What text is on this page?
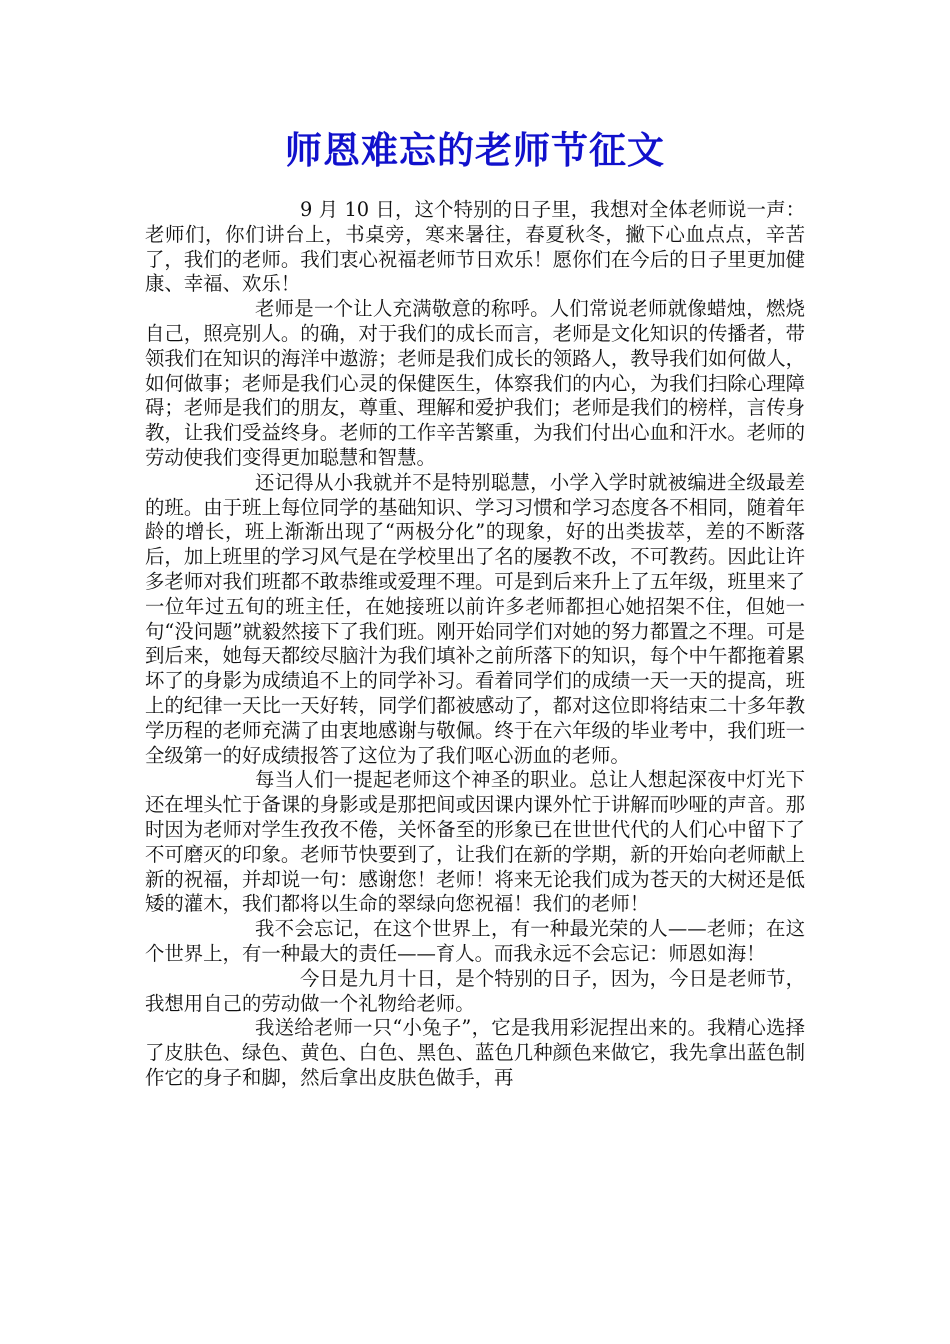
师恩难忘的老师节征文

9 月 10 日，这个特别的日子里，我想对全体老师说一声：老师们，你们讲台上，书桌旁，寒来暑往，春夏秋冬，撇下心血点点，辛苦了，我们的老师。我们衷心祝福老师节日欢乐！愿你们在今后的日子里更加健康、幸福、欢乐！

老师是一个让人充满敬意的称呼。人们常说老师就像蜡烛，燃烧自己，照亮别人。的确，对于我们的成长而言，老师是文化知识的传播者，带领我们在知识的海洋中遨游；老师是我们成长的领路人，教导我们如何做人，如何做事；老师是我们心灵的保健医生，体察我们的内心，为我们扫除心理障碍；老师是我们的朋友，尊重、理解和爱护我们；老师是我们的榜样，言传身教，让我们受益终身。老师的工作辛苦繁重，为我们付出心血和汗水。老师的劳动使我们变得更加聪慧和智慧。

还记得从小我就并不是特别聪慧，小学入学时就被编进全级最差的班。由于班上每位同学的基础知识、学习习惯和学习态度各不相同，随着年龄的增长，班上渐渐出现了“两极分化”的现象，好的出类拔萃，差的不断落后，加上班里的学习风气是在学校里出了名的屡教不改，不可教药。因此让许多老师对我们班都不敢恭维或爱理不理。可是到后来升上了五年级，班里来了一位年过五旬的班主任，在她接班以前许多老师都担心她招架不住，但她一句“没问题”就毅然接下了我们班。刚开始同学们对她的努力都置之不理。可是到后来，她每天都绞尽脑汁为我们填补之前所落下的知识，每个中午都拖着累坏了的身影为成绩追不上的同学补习。看着同学们的成绩一天一天的提高，班上的纪律一天比一天好转，同学们都被感动了，都对这位即将结束二十多年教学历程的老师充满了由衷地感谢与敬佩。终于在六年级的毕业考中，我们班一全级第一的好成绩报答了这位为了我们呕心沥血的老师。

每当人们一提起老师这个神圣的职业。总让人想起深夜中灯光下还在埋头忙于备课的身影或是那把间或因课内课外忙于讲解而吵哑的声音。那时因为老师对学生孜孜不倦，关怀备至的形象已在世世代代的人们心中留下了不可磨灭的印象。老师节快要到了，让我们在新的学期，新的开始向老师献上新的祝福，并却说一句：感谢您！老师！将来无论我们成为苍天的大树还是低矮的灌木，我们都将以生命的翠绿向您祝福！我们的老师！

我不会忘记，在这个世界上，有一种最光荣的人——老师；在这个世界上，有一种最大的责任——育人。而我永远不会忘记：师恩如海！

今日是九月十日，是个特别的日子，因为，今日是老师节，我想用自己的劳动做一个礼物给老师。

我送给老师一只“小兔子”，它是我用彩泥捏出来的。我精心选择了皮肤色、绿色、黄色、白色、黑色、蓝色几种颜色来做它，我先拿出蓝色制作它的身子和脚，然后拿出皮肤色做手，再
